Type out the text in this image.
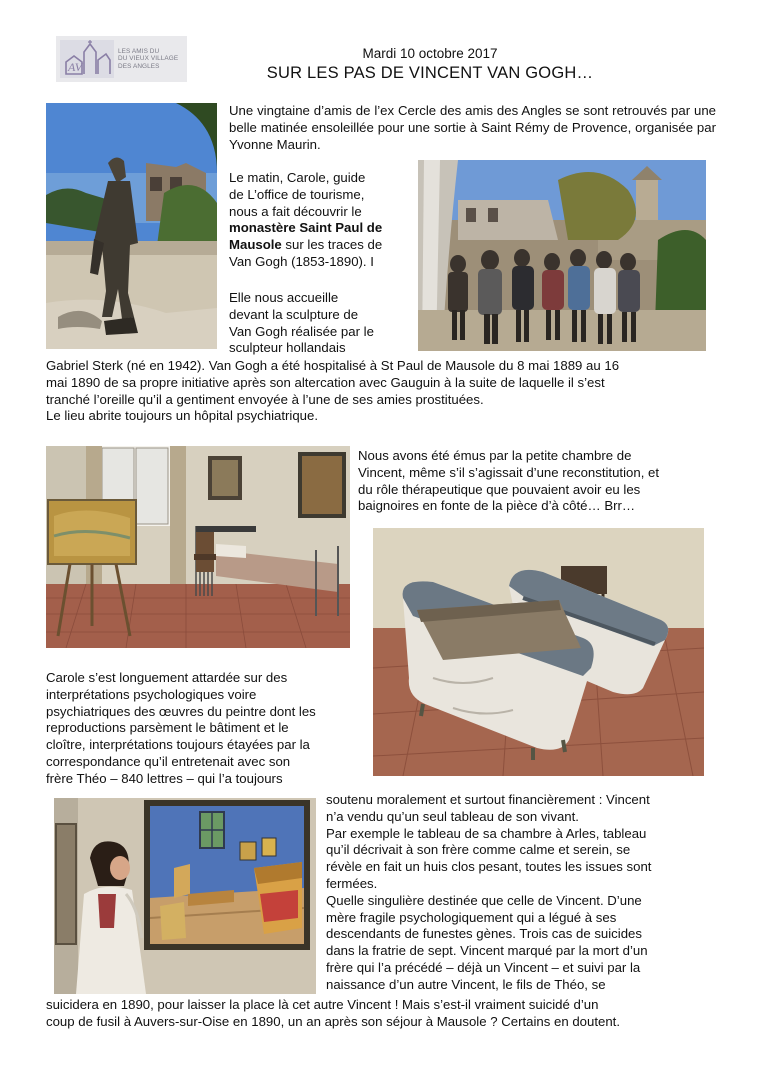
AV
LES AMIS DU
DU VIEUX VILLAGE
DES ANGLES
Mardi 10 octobre 2017
SUR LES PAS DE VINCENT VAN GOGH…

Une vingtaine d’amis de l’ex Cercle des amis des Angles se sont retrouvés par une belle matinée ensoleillée pour une sortie à Saint Rémy de Provence, organisée par Yvonne Maurin.

Le matin, Carole, guide

de L’office de tourisme,

nous a fait découvrir le

monastère Saint Paul de

Mausole sur les traces de

Van Gogh (1853-1890). I

Elle nous accueille

devant la sculpture de

Van Gogh réalisée par le

sculpteur hollandais

Gabriel Sterk (né en 1942). Van Gogh a été hospitalisé à St Paul de Mausole du 8 mai 1889 au 16

mai 1890 de sa propre initiative après son altercation avec Gauguin à la suite de laquelle il s’est

tranché l’oreille qu’il a gentiment envoyée à l’une de ses amies prostituées.

Le lieu abrite toujours un hôpital psychiatrique.

Nous avons été émus par la petite chambre de

Vincent, même s’il s’agissait d’une reconstitution, et

du rôle thérapeutique que pouvaient avoir eu les

baignoires en fonte de la pièce d’à côté… Brr…

Carole s’est longuement attardée sur des

interprétations psychologiques voire

psychiatriques des œuvres du peintre dont les

reproductions parsèment le bâtiment et le

cloître, interprétations toujours étayées par la

correspondance qu’il entretenait avec son

frère Théo – 840 lettres – qui l’a toujours

soutenu moralement et surtout financièrement : Vincent

n’a vendu qu’un seul tableau de son vivant.

Par exemple le tableau de sa chambre à Arles, tableau

qu’il décrivait à son frère comme calme et serein, se

révèle en fait un huis clos pesant, toutes les issues sont

fermées.

Quelle singulière destinée que celle de Vincent. D’une

mère fragile psychologiquement qui a légué à ses

descendants de funestes gènes. Trois cas de suicides

dans la fratrie de sept. Vincent marqué par la mort d’un

frère qui l’a précédé – déjà un Vincent – et suivi par la

naissance d’un autre Vincent, le fils de Théo, se

suicidera en 1890, pour laisser la place là cet autre Vincent ! Mais s’est-il vraiment suicidé d’un

coup de fusil à Auvers-sur-Oise en 1890, un an après son séjour à Mausole ? Certains en doutent.
